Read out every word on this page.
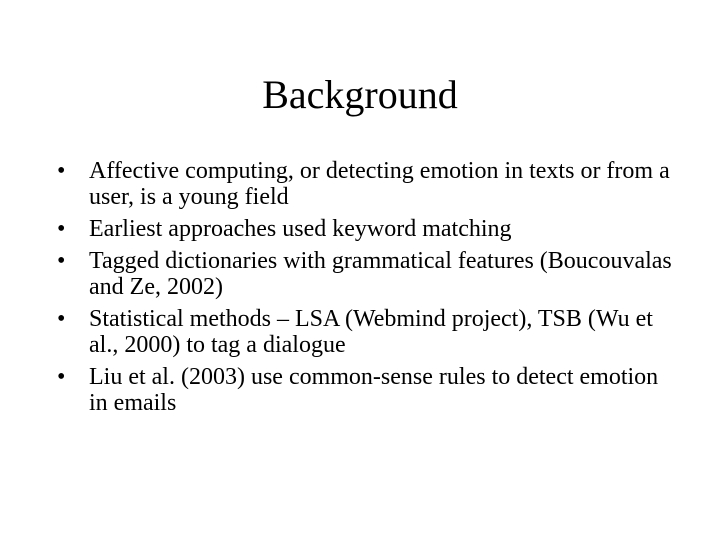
Background
• Affective computing, or detecting emotion in texts or from a user, is a young field
• Earliest approaches used keyword matching
• Tagged dictionaries with grammatical features (Boucouvalas and Ze, 2002)
• Statistical methods – LSA (Webmind project), TSB (Wu et al., 2000) to tag a dialogue
• Liu et al. (2003) use common-sense rules to detect emotion in emails
